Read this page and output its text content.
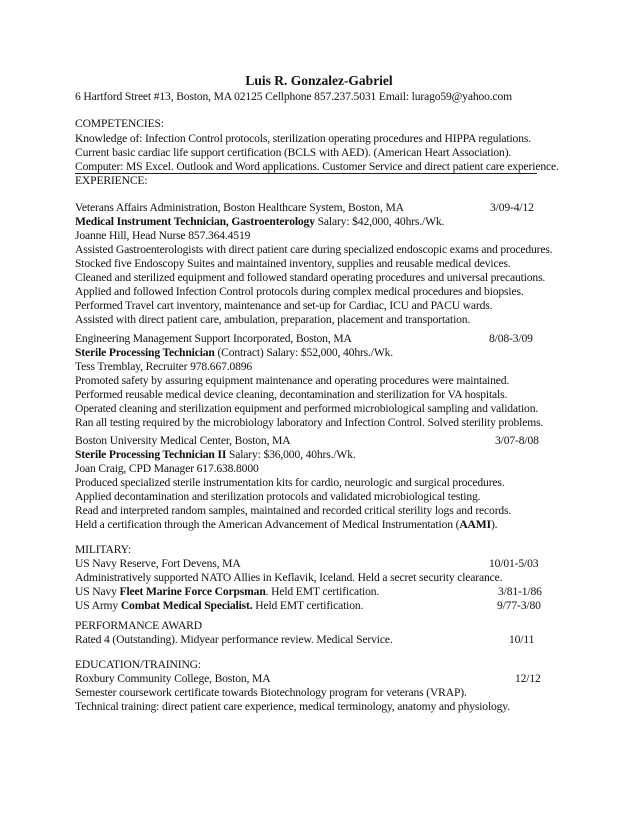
Luis R. Gonzalez-Gabriel
6 Hartford Street #13, Boston, MA 02125 Cellphone 857.237.5031 Email: lurago59@yahoo.com
COMPETENCIES:
Knowledge of: Infection Control protocols, sterilization operating procedures and HIPPA regulations.
Current basic cardiac life support certification (BCLS with AED). (American Heart Association).
Computer: MS Excel. Outlook and Word applications. Customer Service and direct patient care experience.
EXPERIENCE:
Veterans Affairs Administration, Boston Healthcare System, Boston, MA	3/09-4/12
Medical Instrument Technician, Gastroenterology Salary: $42,000, 40hrs./Wk.
Joanne Hill, Head Nurse 857.364.4519
Assisted Gastroenterologists with direct patient care during specialized endoscopic exams and procedures.
Stocked five Endoscopy Suites and maintained inventory, supplies and reusable medical devices.
Cleaned and sterilized equipment and followed standard operating procedures and universal precautions.
Applied and followed Infection Control protocols during complex medical procedures and biopsies.
Performed Travel cart inventory, maintenance and set-up for Cardiac, ICU and PACU wards.
Assisted with direct patient care, ambulation, preparation, placement and transportation.
Engineering Management Support Incorporated, Boston, MA	8/08-3/09
Sterile Processing Technician (Contract) Salary: $52,000, 40hrs./Wk.
Tess Tremblay, Recruiter 978.667.0896
Promoted safety by assuring equipment maintenance and operating procedures were maintained.
Performed reusable medical device cleaning, decontamination and sterilization for VA hospitals.
Operated cleaning and sterilization equipment and performed microbiological sampling and validation.
Ran all testing required by the microbiology laboratory and Infection Control. Solved sterility problems.
Boston University Medical Center, Boston, MA	3/07-8/08
Sterile Processing Technician II Salary: $36,000, 40hrs./Wk.
Joan Craig, CPD Manager 617.638.8000
Produced specialized sterile instrumentation kits for cardio, neurologic and surgical procedures.
Applied decontamination and sterilization protocols and validated microbiological testing.
Read and interpreted random samples, maintained and recorded critical sterility logs and records.
Held a certification through the American Advancement of Medical Instrumentation (AAMI).
MILITARY:
US Navy Reserve, Fort Devens, MA	10/01-5/03
Administratively supported NATO Allies in Keflavik, Iceland. Held a secret security clearance.
US Navy Fleet Marine Force Corpsman. Held EMT certification.	3/81-1/86
US Army Combat Medical Specialist. Held EMT certification.	9/77-3/80
PERFORMANCE AWARD
Rated 4 (Outstanding). Midyear performance review. Medical Service.	10/11
EDUCATION/TRAINING:
Roxbury Community College, Boston, MA	12/12
Semester coursework certificate towards Biotechnology program for veterans (VRAP).
Technical training: direct patient care experience, medical terminology, anatomy and physiology.
